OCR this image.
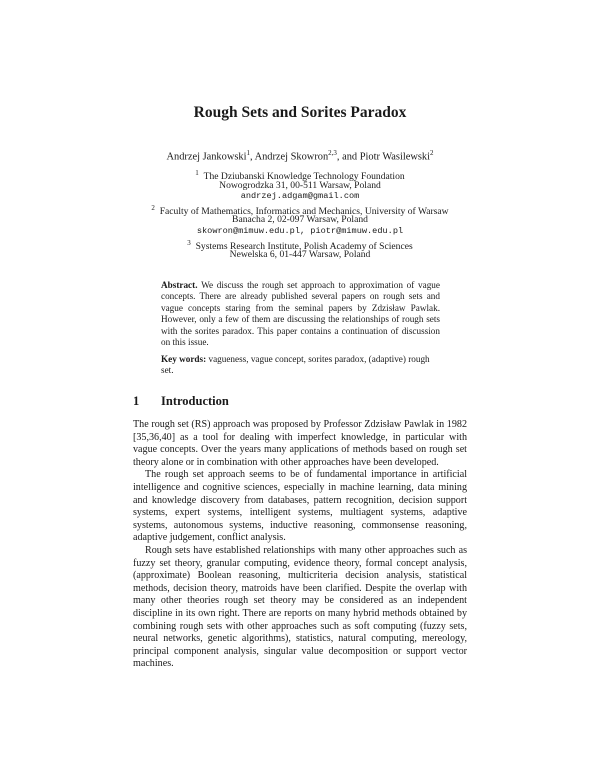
Rough Sets and Sorites Paradox
Andrzej Jankowski$^1$, Andrzej Skowron$^{2,3}$, and Piotr Wasilewski$^2$
$^1$ The Dziubanski Knowledge Technology Foundation
Nowogrodzka 31, 00-511 Warsaw, Poland
andrzej.adgam@gmail.com
$^2$ Faculty of Mathematics, Informatics and Mechanics, University of Warsaw
Banacha 2, 02-097 Warsaw, Poland
skowron@mimuw.edu.pl, piotr@mimuw.edu.pl
$^3$ Systems Research Institute, Polish Academy of Sciences
Newelska 6, 01-447 Warsaw, Poland
Abstract. We discuss the rough set approach to approximation of vague concepts. There are already published several papers on rough sets and vague concepts staring from the seminal papers by Zdzisław Pawlak. However, only a few of them are discussing the relationships of rough sets with the sorites paradox. This paper contains a continuation of discussion on this issue.
Key words: vagueness, vague concept, sorites paradox, (adaptive) rough set.
1 Introduction

The rough set (RS) approach was proposed by Professor Zdzisław Pawlak in 1982 [35,36,40] as a tool for dealing with imperfect knowledge, in particular with vague concepts. Over the years many applications of methods based on rough set theory alone or in combination with other approaches have been developed.

The rough set approach seems to be of fundamental importance in artificial intelligence and cognitive sciences, especially in machine learning, data mining and knowledge discovery from databases, pattern recognition, decision support systems, expert systems, intelligent systems, multiagent systems, adaptive systems, autonomous systems, inductive reasoning, commonsense reasoning, adaptive judgement, conflict analysis.

Rough sets have established relationships with many other approaches such as fuzzy set theory, granular computing, evidence theory, formal concept analysis, (approximate) Boolean reasoning, multicriteria decision analysis, statistical methods, decision theory, matroids have been clarified. Despite the overlap with many other theories rough set theory may be considered as an independent discipline in its own right. There are reports on many hybrid methods obtained by combining rough sets with other approaches such as soft computing (fuzzy sets, neural networks, genetic algorithms), statistics, natural computing, mereology, principal component analysis, singular value decomposition or support vector machines.
